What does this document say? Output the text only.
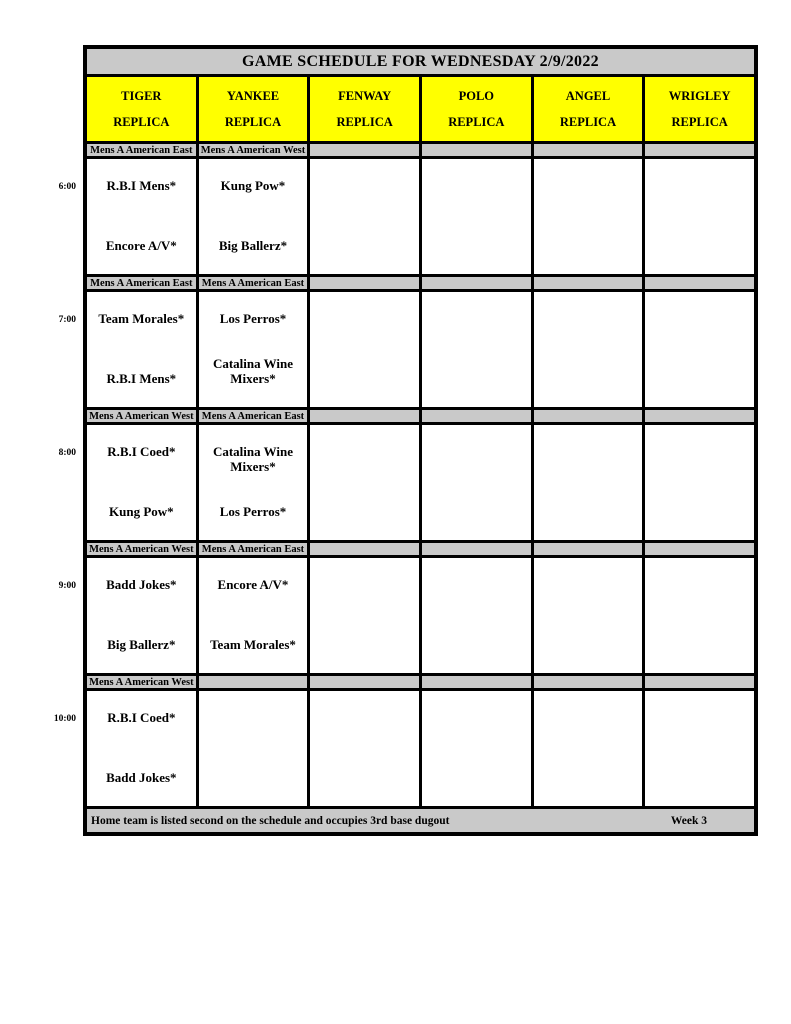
6:00
7:00
8:00
9:00
10:00
GAME SCHEDULE FOR WEDNESDAY 2/9/2022
TIGER
REPLICA
YANKEE
REPLICA
FENWAY
REPLICA
POLO
REPLICA
ANGEL
REPLICA
WRIGLEY
REPLICA
Mens A American East Mens A American West
R.B.I Mens*
Encore A/V*
Kung Pow*
Big Ballerz*
Mens A American East Mens A American East
Team Morales*
R.B.I Mens*
Los Perros*
Catalina Wine Mixers*
Mens A American West Mens A American East
R.B.I Coed*
Kung Pow*
Catalina Wine Mixers*
Los Perros*
Mens A American West Mens A American East
Badd Jokes*
Big Ballerz*
Encore A/V*
Team Morales*
Mens A American West
R.B.I Coed*
Badd Jokes*
Home team is listed second on the schedule and occupies 3rd base dugout	Week 3
